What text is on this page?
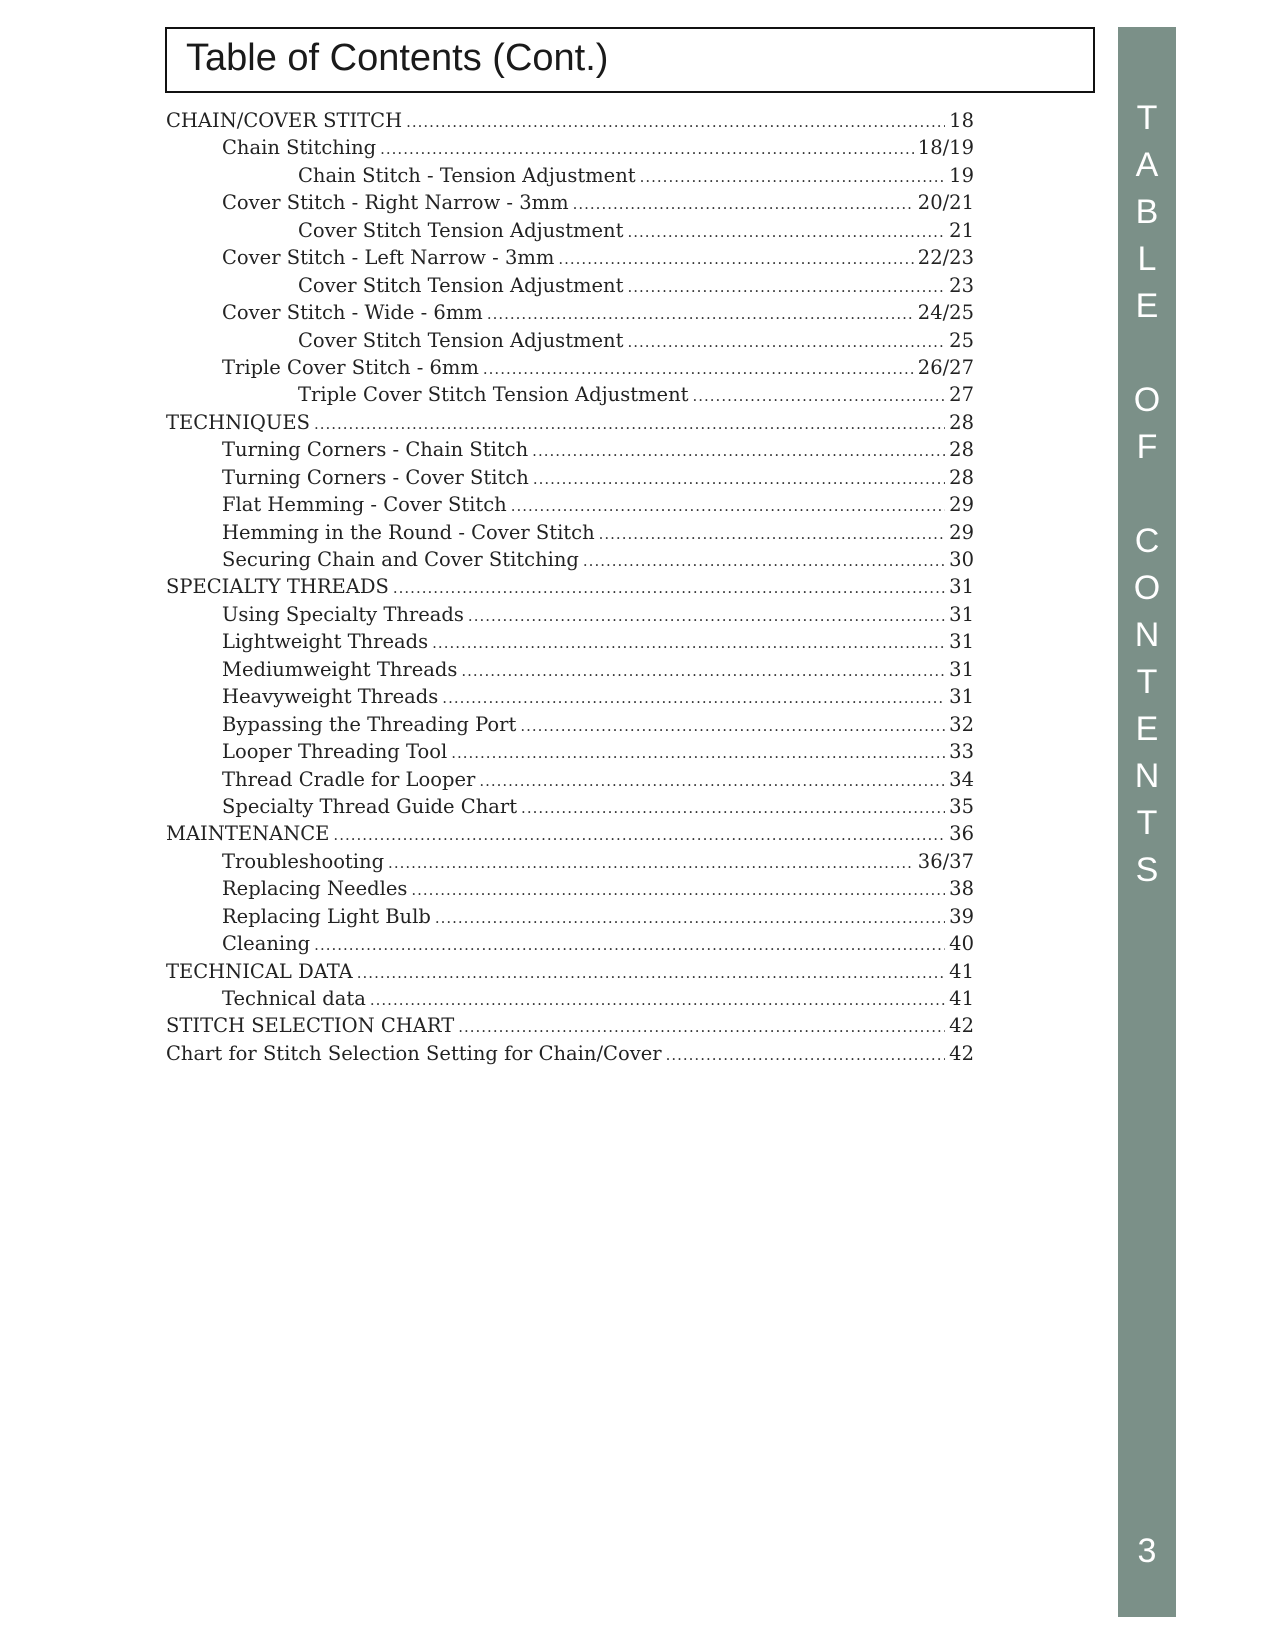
Table of Contents (Cont.)
CHAIN/COVER STITCH .....	18
Chain Stitching .....	18/19
Chain Stitch - Tension Adjustment .....	19
Cover Stitch - Right Narrow - 3mm .....	20/21
Cover Stitch Tension Adjustment .....	21
Cover Stitch - Left Narrow - 3mm .....	22/23
Cover Stitch Tension Adjustment .....	23
Cover Stitch - Wide - 6mm .....	24/25
Cover Stitch Tension Adjustment .....	25
Triple Cover Stitch - 6mm .....	26/27
Triple Cover Stitch Tension Adjustment .....	27
TECHNIQUES .....	28
Turning Corners - Chain Stitch .....	28
Turning Corners - Cover Stitch .....	28
Flat Hemming - Cover Stitch .....	29
Hemming in the Round - Cover Stitch .....	29
Securing Chain and Cover Stitching .....	30
SPECIALTY THREADS .....	31
Using Specialty Threads .....	31
Lightweight Threads .....	31
Mediumweight Threads .....	31
Heavyweight Threads .....	31
Bypassing the Threading Port .....	32
Looper Threading Tool .....	33
Thread Cradle for Looper .....	34
Specialty Thread Guide Chart .....	35
MAINTENANCE .....	36
Troubleshooting .....	36/37
Replacing Needles .....	38
Replacing Light Bulb .....	39
Cleaning .....	40
TECHNICAL DATA .....	41
Technical data .....	41
STITCH SELECTION CHART .....	42
Chart for Stitch Selection Setting for Chain/Cover .....	42
T
A
B
L
E
O
F
C
O
N
T
E
N
T
S
3
